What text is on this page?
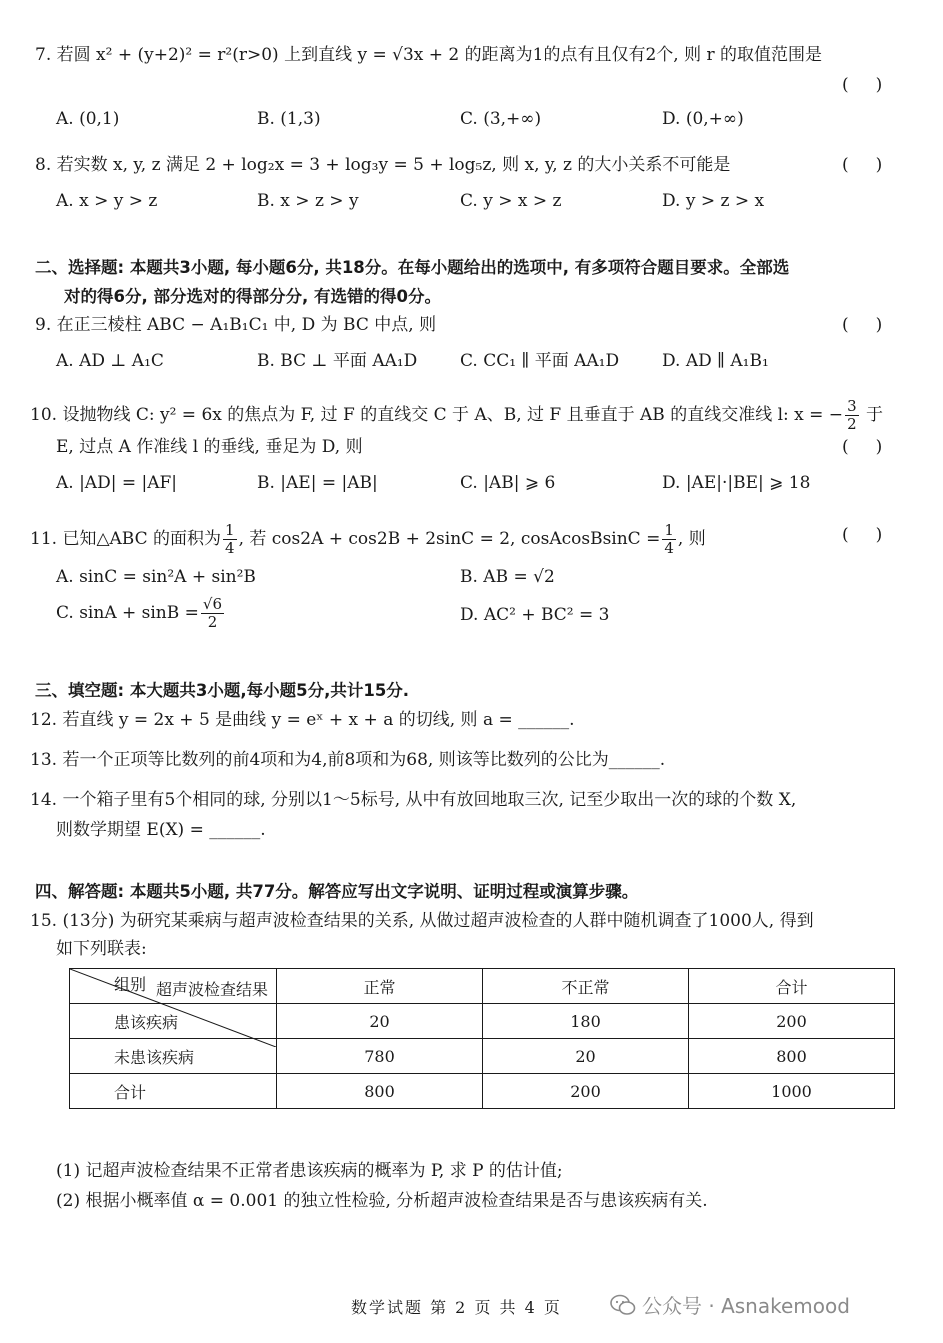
7. 若圆 x² + (y+2)² = r²(r>0) 上到直线 y = √3x + 2 的距离为1的点有且仅有2个, 则 r 的取值范围是
(     )
A. (0,1)	B. (1,3)	C. (3,+∞)	D. (0,+∞)
8. 若实数 x, y, z 满足 2 + log₂x = 3 + log₃y = 5 + log₅z, 则 x, y, z 的大小关系不可能是	(     )
A. x > y > z	B. x > z > y	C. y > x > z	D. y > z > x
二、选择题: 本题共3小题, 每小题6分, 共18分。在每小题给出的选项中, 有多项符合题目要求。全部选
对的得6分, 部分选对的得部分分, 有选错的得0分。
9. 在正三棱柱 ABC − A₁B₁C₁ 中, D 为 BC 中点, 则	(     )
A. AD ⊥ A₁C	B. BC ⊥ 平面 AA₁D	C. CC₁ ∥ 平面 AA₁D	D. AD ∥ A₁B₁
10. 设抛物线 C: y² = 6x 的焦点为 F, 过 F 的直线交 C 于 A、B, 过 F 且垂直于 AB 的直线交准线 l: x = − $\frac{3}{2}$ 于
E, 过点 A 作准线 l 的垂线, 垂足为 D, 则	(     )
A. |AD| = |AF|	B. |AE| = |AB|	C. |AB| ⩾ 6	D. |AE|·|BE| ⩾ 18
11. 已知△ABC 的面积为 $\frac{1}{4}$ , 若 cos2A + cos2B + 2sinC = 2, cosAcosBsinC = $\frac{1}{4}$ , 则	(     )
A. sinC = sin²A + sin²B	B. AB = √2
C. $\sin A + \sin B = \frac{√6}{2}$	D. AC² + BC² = 3
三、填空题: 本大题共3小题,每小题5分,共计15分.
12. 若直线 y = 2x + 5 是曲线 y = eˣ + x + a 的切线, 则 a = ______.
13. 若一个正项等比数列的前4项和为4,前8项和为68, 则该等比数列的公比为______.
14. 一个箱子里有5个相同的球, 分别以1～5标号, 从中有放回地取三次, 记至少取出一次的球的个数 X,
则数学期望 E(X) = ______.
四、解答题: 本题共5小题, 共77分。解答应写出文字说明、证明过程或演算步骤。
15. (13分) 为研究某乘病与超声波检查结果的关系, 从做过超声波检查的人群中随机调查了1000人, 得到
如下列联表:
超声波检查结果
组别	正常	不正常	合计
患该疾病	20	180	200
未患该疾病	780	20	800
合计	800	200	1000
(1) 记超声波检查结果不正常者患该疾病的概率为 P, 求 P 的估计值;
(2) 根据小概率值 α = 0.001 的独立性检验, 分析超声波检查结果是否与患该疾病有关.
数学试题 第 2 页 共 4 页	公众号 · Asnakemood
